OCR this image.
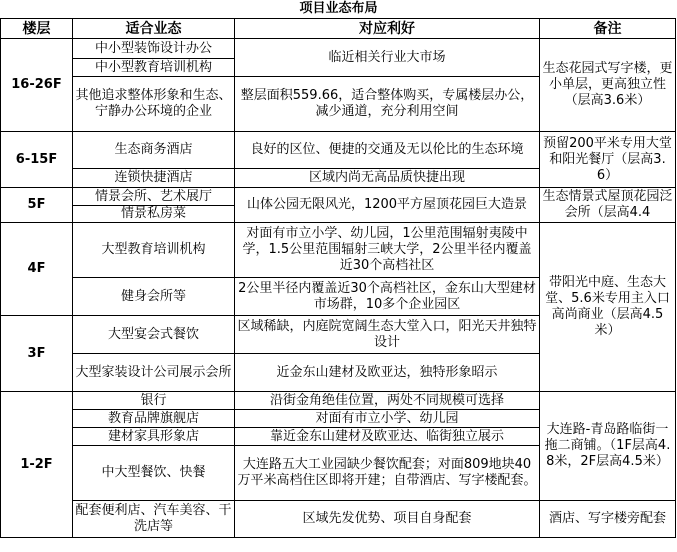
项目业态布局
楼层	适合业态	对应利好	备注
16-26F	中小型装饰设计办公	临近相关行业大市场	生态花园式写字楼，更小单层，更高独立性（层高3.6米）
	中小型教育培训机构		
	其他追求整体形象和生态、宁静办公环境的企业	整层面积559.66，适合整体购买，专属楼层办公，减少通道，充分利用空间	
6-15F	生态商务酒店	良好的区位、便捷的交通及无以伦比的生态环境	预留200平米专用大堂和阳光餐厅（层高3.6）
	连锁快捷酒店	区域内尚无高品质快捷出现	
5F	情景会所、艺术展厅	山体公园无限风光，1200平方屋顶花园巨大造景	生态情景式屋顶花园泛会所（层高4.4
	情景私房菜		
4F	大型教育培训机构	对面有市立小学、幼儿园，1公里范围辐射夷陵中学，1.5公里范围辐射三峡大学，2公里半径内覆盖近30个高档社区	带阳光中庭、生态大堂、5.6米专用主入口高尚商业（层高4.5米）
	健身会所等	2公里半径内覆盖近30个高档社区，金东山大型建材市场群，10多个企业园区	
3F	大型宴会式餐饮	区域稀缺，内庭院宽阔生态大堂入口，阳光天井独特设计	
	大型家装设计公司展示会所	近金东山建材及欧亚达，独特形象昭示	
1-2F	银行	沿街金角绝佳位置，两处不同规模可选择	大连路-青岛路临街一拖二商铺。（1F层高4.8米，2F层高4.5米）
	教育品牌旗舰店	对面有市立小学、幼儿园	
	建材家具形象店	靠近金东山建材及欧亚达、临街独立展示	
	中大型餐饮、快餐	大连路五大工业园缺少餐饮配套；对面809地块40万平米高档住区即将开建；自带酒店、写字楼配套。	
	配套便利店、汽车美容、干洗店等	区域先发优势、项目自身配套	酒店、写字楼旁配套
